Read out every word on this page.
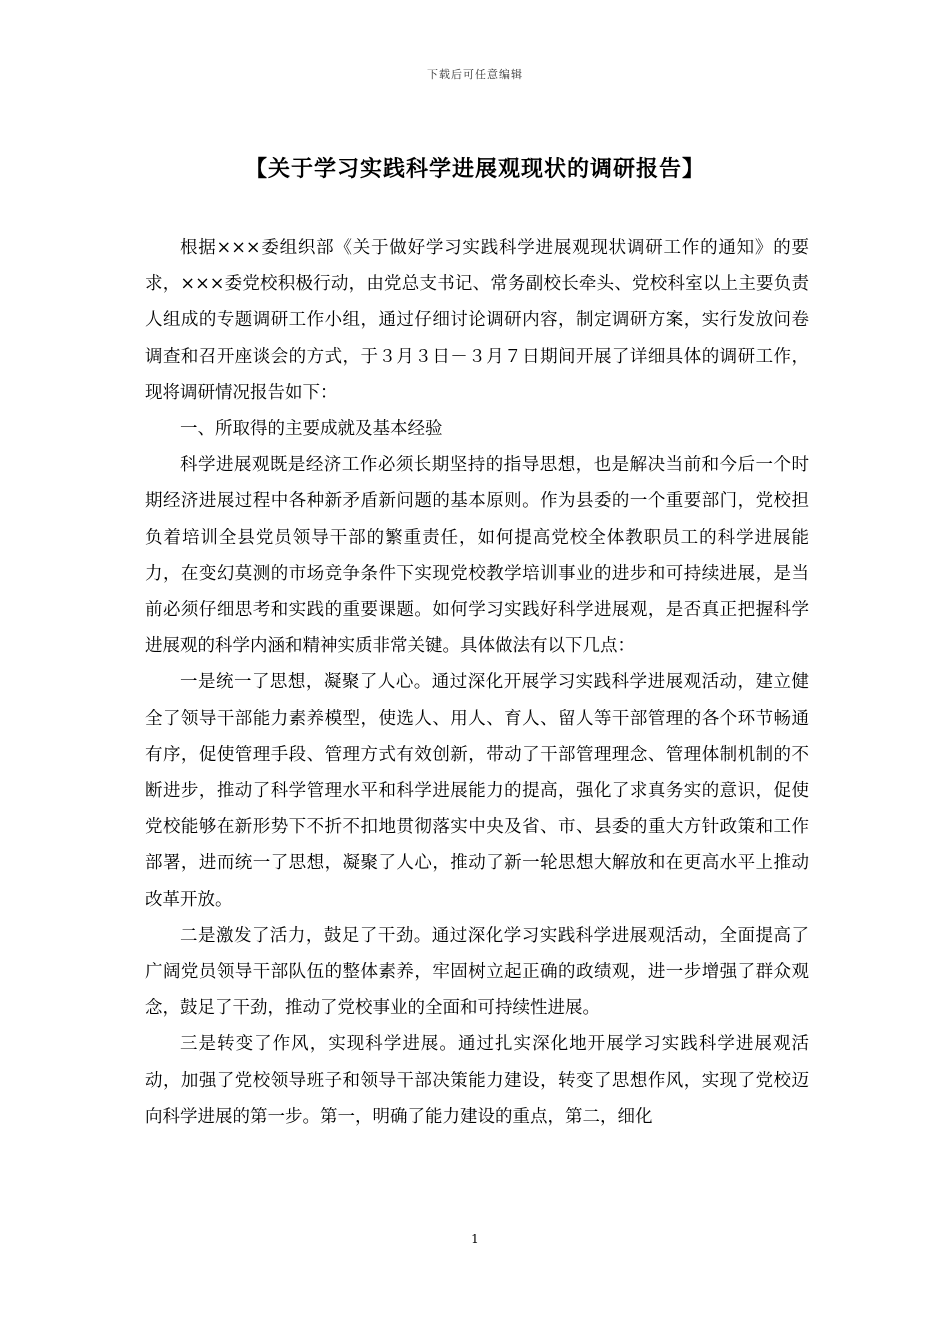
下载后可任意编辑
【关于学习实践科学进展观现状的调研报告】

根据×××委组织部《关于做好学习实践科学进展观现状调研工作的通知》的要求，×××委党校积极行动，由党总支书记、常务副校长牵头、党校科室以上主要负责人组成的专题调研工作小组，通过仔细讨论调研内容，制定调研方案，实行发放问卷调查和召开座谈会的方式，于３月３日－３月７日期间开展了详细具体的调研工作，现将调研情况报告如下：

一、所取得的主要成就及基本经验

科学进展观既是经济工作必须长期坚持的指导思想，也是解决当前和今后一个时期经济进展过程中各种新矛盾新问题的基本原则。作为县委的一个重要部门，党校担负着培训全县党员领导干部的繁重责任，如何提高党校全体教职员工的科学进展能力，在变幻莫测的市场竞争条件下实现党校教学培训事业的进步和可持续进展，是当前必须仔细思考和实践的重要课题。如何学习实践好科学进展观，是否真正把握科学进展观的科学内涵和精神实质非常关键。具体做法有以下几点：

一是统一了思想，凝聚了人心。通过深化开展学习实践科学进展观活动，建立健全了领导干部能力素养模型，使选人、用人、育人、留人等干部管理的各个环节畅通有序，促使管理手段、管理方式有效创新，带动了干部管理理念、管理体制机制的不断进步，推动了科学管理水平和科学进展能力的提高，强化了求真务实的意识，促使党校能够在新形势下不折不扣地贯彻落实中央及省、市、县委的重大方针政策和工作部署，进而统一了思想，凝聚了人心，推动了新一轮思想大解放和在更高水平上推动改革开放。

二是激发了活力，鼓足了干劲。通过深化学习实践科学进展观活动，全面提高了广阔党员领导干部队伍的整体素养，牢固树立起正确的政绩观，进一步增强了群众观念，鼓足了干劲，推动了党校事业的全面和可持续性进展。

三是转变了作风，实现科学进展。通过扎实深化地开展学习实践科学进展观活动，加强了党校领导班子和领导干部决策能力建设，转变了思想作风，实现了党校迈向科学进展的第一步。第一，明确了能力建设的重点，第二，细化

1
